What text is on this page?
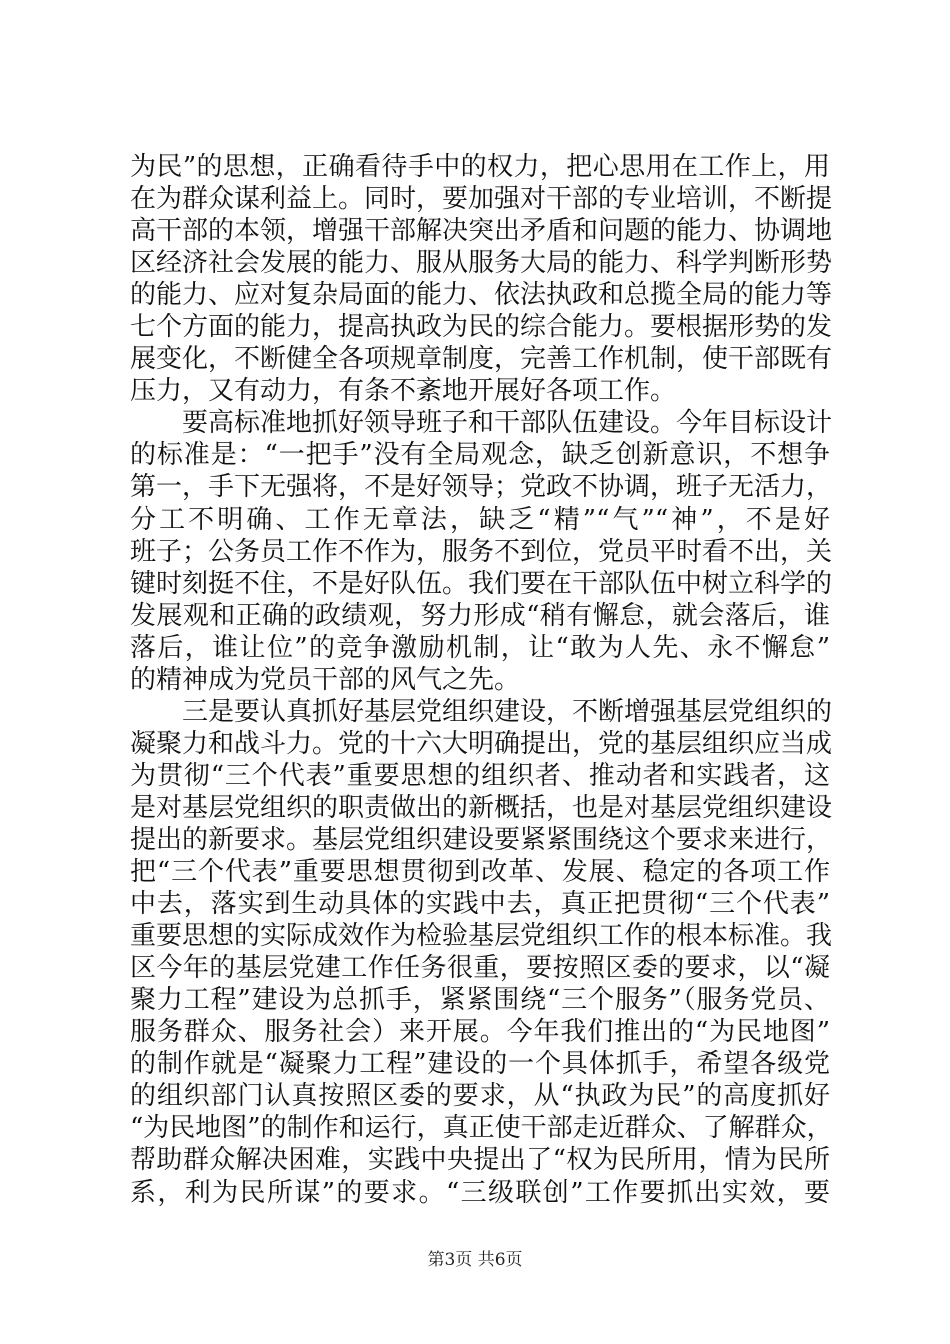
为民”的思想，正确看待手中的权力，把心思用在工作上，用
在为群众谋利益上。同时，要加强对干部的专业培训，不断提
高干部的本领，增强干部解决突出矛盾和问题的能力、协调地
区经济社会发展的能力、服从服务大局的能力、科学判断形势
的能力、应对复杂局面的能力、依法执政和总揽全局的能力等
七个方面的能力，提高执政为民的综合能力。要根据形势的发
展变化，不断健全各项规章制度，完善工作机制，使干部既有
压力，又有动力，有条不紊地开展好各项工作。
　　要高标准地抓好领导班子和干部队伍建设。今年目标设计
的标准是：“一把手”没有全局观念，缺乏创新意识，不想争
第一，手下无强将，不是好领导；党政不协调，班子无活力，
分工不明确、工作无章法，缺乏“精”“气”“神”，不是好
班子；公务员工作不作为，服务不到位，党员平时看不出，关
键时刻挺不住，不是好队伍。我们要在干部队伍中树立科学的
发展观和正确的政绩观，努力形成“稍有懈怠，就会落后，谁
落后，谁让位”的竞争激励机制，让“敢为人先、永不懈怠”
的精神成为党员干部的风气之先。
　　三是要认真抓好基层党组织建设，不断增强基层党组织的
凝聚力和战斗力。党的十六大明确提出，党的基层组织应当成
为贯彻“三个代表”重要思想的组织者、推动者和实践者，这
是对基层党组织的职责做出的新概括，也是对基层党组织建设
提出的新要求。基层党组织建设要紧紧围绕这个要求来进行，
把“三个代表”重要思想贯彻到改革、发展、稳定的各项工作
中去，落实到生动具体的实践中去，真正把贯彻“三个代表”
重要思想的实际成效作为检验基层党组织工作的根本标准。我
区今年的基层党建工作任务很重，要按照区委的要求，以“凝
聚力工程”建设为总抓手，紧紧围绕“三个服务”（服务党员、
服务群众、服务社会）来开展。今年我们推出的“为民地图”
的制作就是“凝聚力工程”建设的一个具体抓手，希望各级党
的组织部门认真按照区委的要求，从“执政为民”的高度抓好
“为民地图”的制作和运行，真正使干部走近群众、了解群众，
帮助群众解决困难，实践中央提出了“权为民所用，情为民所
系，利为民所谋”的要求。“三级联创”工作要抓出实效，要
第3页 共6页
